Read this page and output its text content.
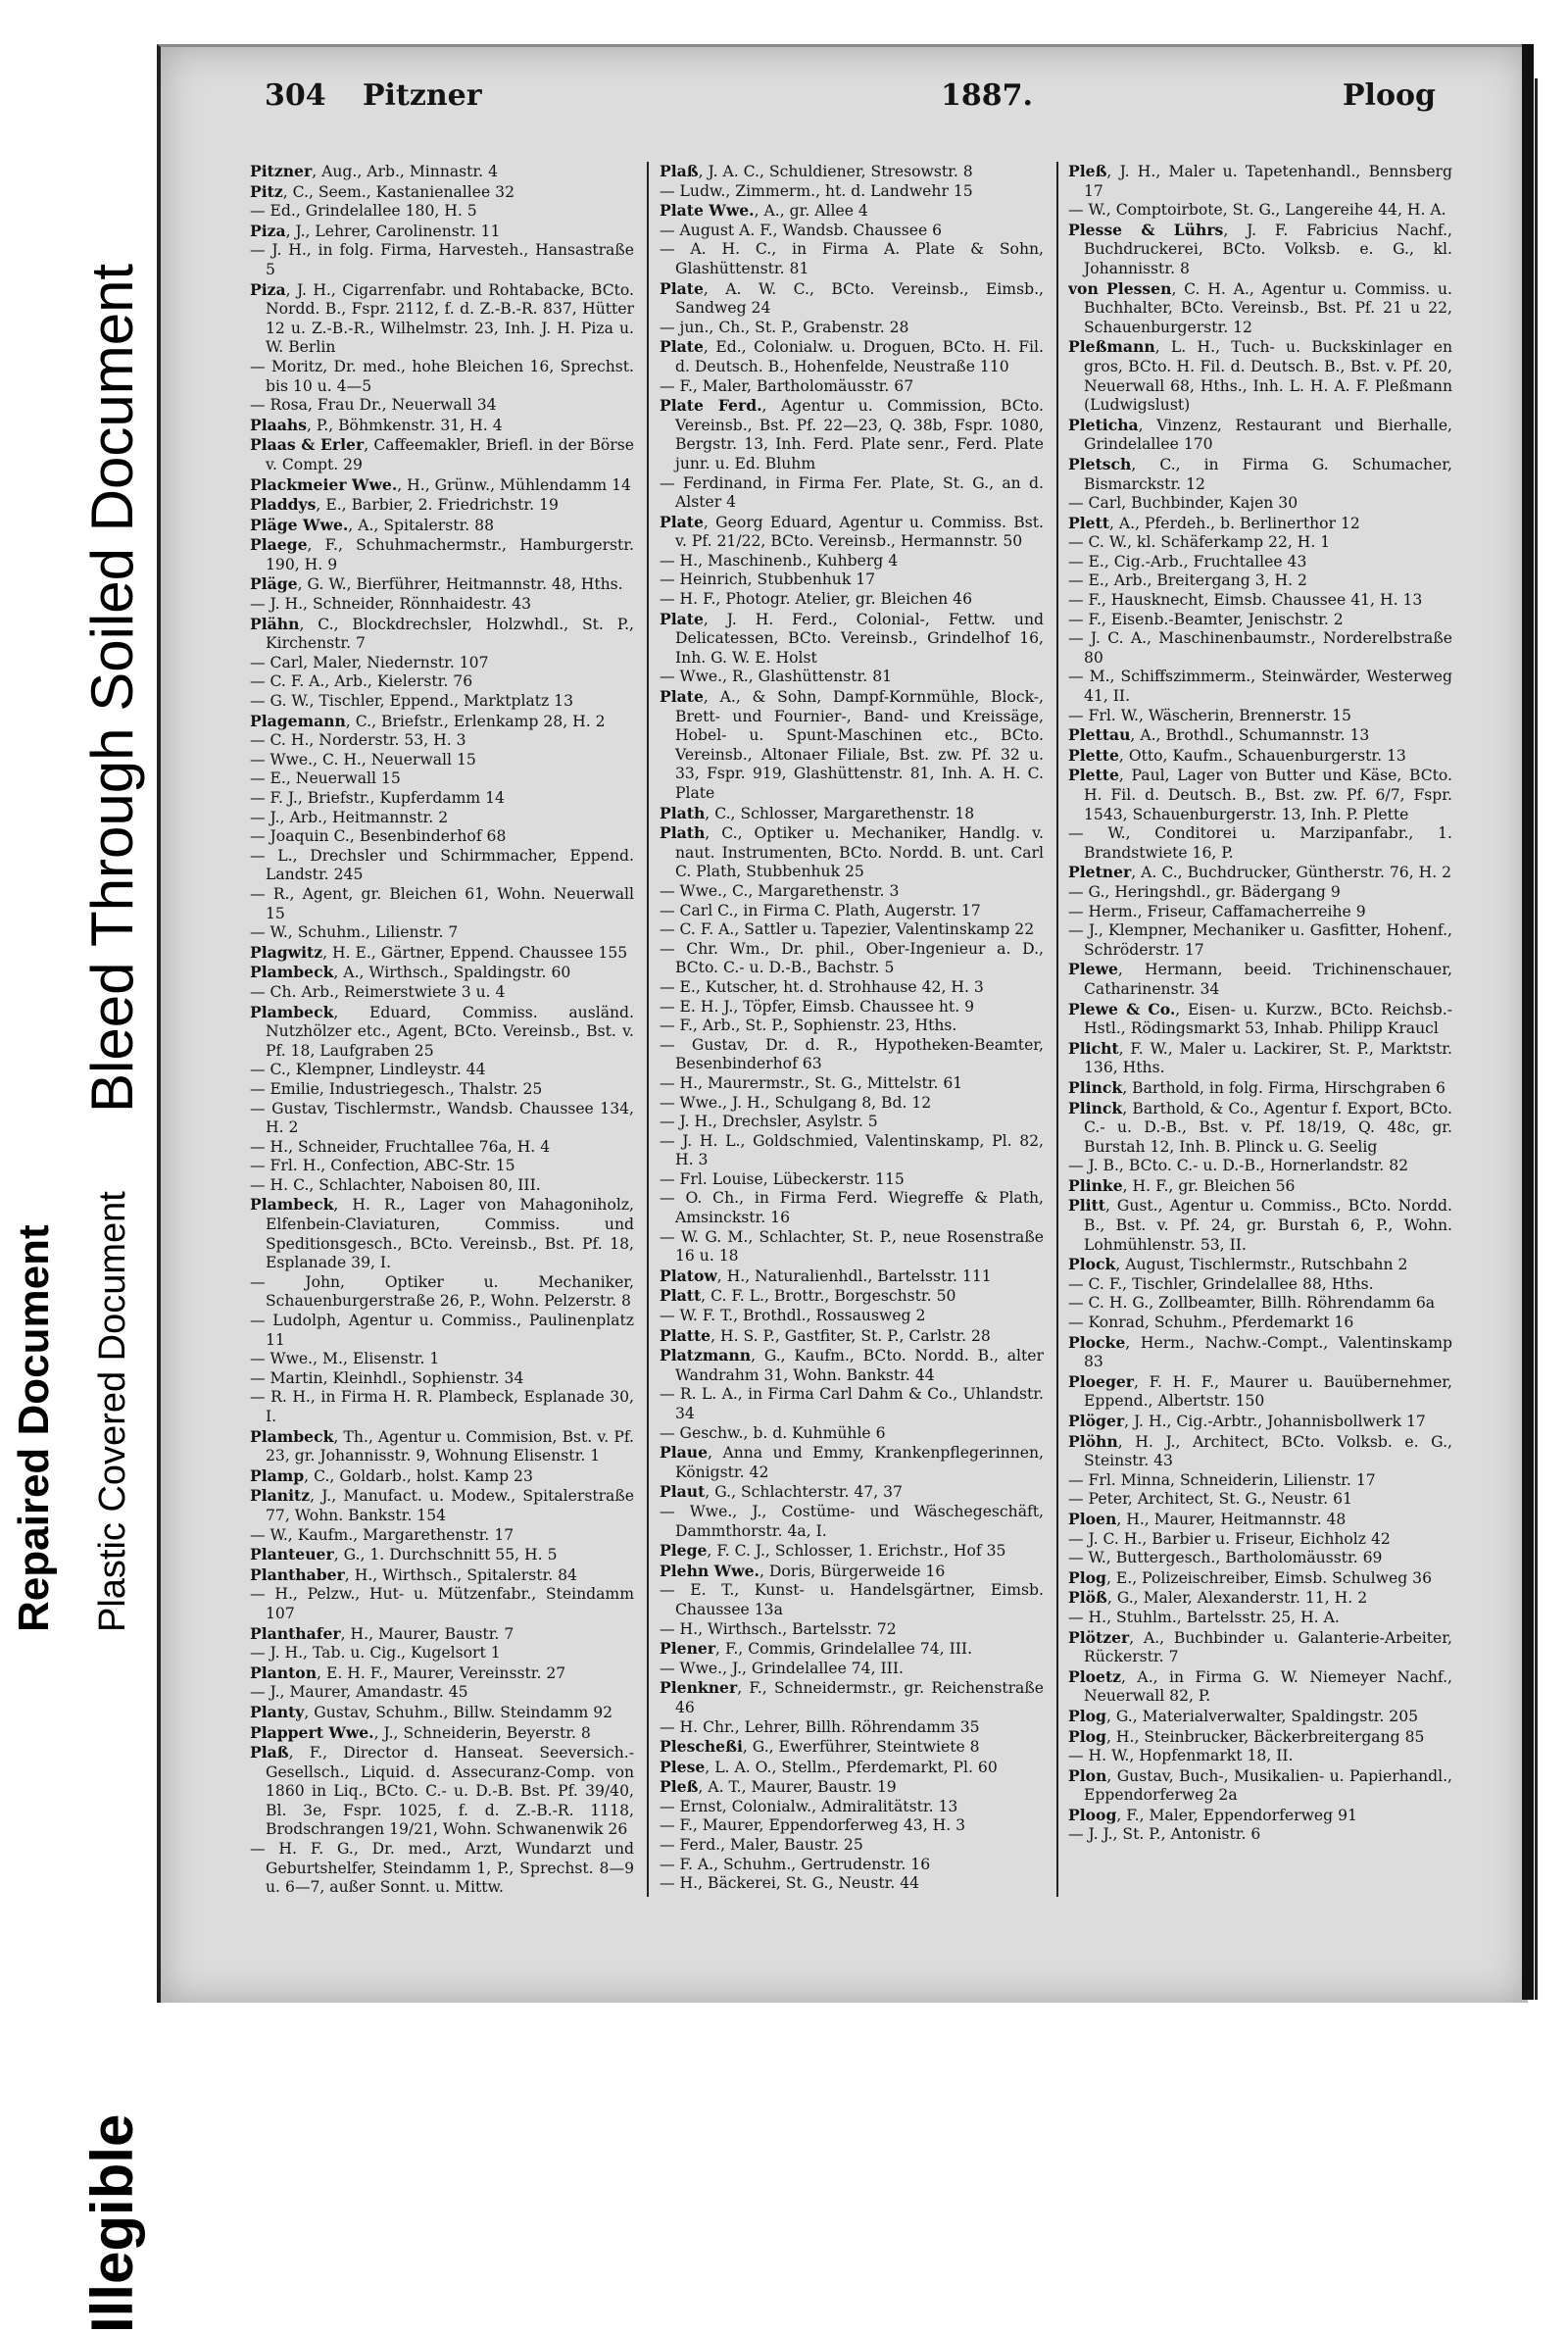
Illegible
Repaired Document Plastic Covered Document
Bleed Through Soiled Document
304 Pitzner	1887.	Ploog

Pitzner, Aug., Arb., Minnastr. 4

Pitz, C., Seem., Kastanienallee 32

— Ed., Grindelallee 180, H. 5

Piza, J., Lehrer, Carolinenstr. 11

— J. H., in folg. Firma, Harvestеh., Hansastraße 5

Piza, J. H., Cigarrenfabr. und Rohtabacke, BCto. Nordd. B., Fspr. 2112, f. d. Z.-B.-R. 837, Hütter 12 u. Z.-B.-R., Wilhelmstr. 23, Inh. J. H. Piza u. W. Berlin

— Moritz, Dr. med., hohe Bleichen 16, Sprechst. bis 10 u. 4—5

— Rosa, Frau Dr., Neuerwall 34

Plaahs, P., Böhmkenstr. 31, H. 4

Plaas & Erler, Caffeemakler, Briefl. in der Börse v. Compt. 29

Plackmeier Wwe., H., Grünw., Mühlendamm 14

Pladdys, E., Barbier, 2. Friedrichstr. 19

Pläge Wwe., A., Spitalerstr. 88

Plaege, F., Schuhmachermstr., Hamburgerstr. 190, H. 9

Pläge, G. W., Bierführer, Heitmannstr. 48, Hths.

— J. H., Schneider, Rönnhaidestr. 43

Plähn, C., Blockdrechsler, Holzwhdl., St. P., Kirchenstr. 7

— Carl, Maler, Niedernstr. 107

— C. F. A., Arb., Kielerstr. 76

— G. W., Tischler, Eppend., Marktplatz 13

Plagemann, C., Briefstr., Erlenkamp 28, H. 2

— C. H., Norderstr. 53, H. 3

— Wwe., C. H., Neuerwall 15

— E., Neuerwall 15

— F. J., Briefstr., Kupferdamm 14

— J., Arb., Heitmannstr. 2

— Joaquin C., Besenbinderhof 68

— L., Drechsler und Schirmmacher, Eppend. Landstr. 245

— R., Agent, gr. Bleichen 61, Wohn. Neuerwall 15

— W., Schuhm., Lilienstr. 7

Plagwitz, H. E., Gärtner, Eppend. Chaussee 155

Plambeck, A., Wirthsch., Spaldingstr. 60

— Ch. Arb., Reimerstwiete 3 u. 4

Plambeck, Eduard, Commiss. ausländ. Nutzhölzer etc., Agent, BCto. Vereinsb., Bst. v. Pf. 18, Laufgraben 25

— C., Klempner, Lindleystr. 44

— Emilie, Industriegesch., Thalstr. 25

— Gustav, Tischlermstr., Wandsb. Chaussee 134, H. 2

— H., Schneider, Fruchtallee 76a, H. 4

— Frl. H., Confection, ABC-Str. 15

— H. C., Schlachter, Naboisen 80, III.

Plambeck, H. R., Lager von Mahagoniholz, Elfenbein-Claviaturen, Commiss. und Speditionsgesch., BCto. Vereinsb., Bst. Pf. 18, Esplanade 39, I.

— John, Optiker u. Mechaniker, Schauenburgerstraße 26, P., Wohn. Pelzerstr. 8

— Ludolph, Agentur u. Commiss., Paulinenplatz 11

— Wwe., M., Elisenstr. 1

— Martin, Kleinhdl., Sophienstr. 34

— R. H., in Firma H. R. Plambeck, Esplanade 30, I.

Plambeck, Th., Agentur u. Commision, Bst. v. Pf. 23, gr. Johannisstr. 9, Wohnung Elisenstr. 1

Plamp, C., Goldarb., holst. Kamp 23

Planitz, J., Manufact. u. Modew., Spitalerstraße 77, Wohn. Bankstr. 154

— W., Kaufm., Margarethenstr. 17

Planteuer, G., 1. Durchschnitt 55, H. 5

Planthaber, H., Wirthsch., Spitalerstr. 84

— H., Pelzw., Hut- u. Mützenfabr., Steindamm 107

Planthafer, H., Maurer, Baustr. 7

— J. H., Tab. u. Cig., Kugelsort 1

Planton, E. H. F., Maurer, Vereinsstr. 27

— J., Maurer, Amandastr. 45

Planty, Gustav, Schuhm., Billw. Steindamm 92

Plappert Wwe., J., Schneiderin, Beyerstr. 8

Plaß, F., Director d. Hanseat. Seeversich.-Gesellsch., Liquid. d. Assecuranz-Comp. von 1860 in Liq., BCto. C.- u. D.-B. Bst. Pf. 39/40, Bl. 3e, Fspr. 1025, f. d. Z.-B.-R. 1118, Brodschrangen 19/21, Wohn. Schwanenwik 26

— H. F. G., Dr. med., Arzt, Wundarzt und Geburtshelfer, Steindamm 1, P., Sprechst. 8—9 u. 6—7, außer Sonnt. u. Mittw.

Plaß, J. A. C., Schuldiener, Stresowstr. 8

— Ludw., Zimmerm., ht. d. Landwehr 15

Plate Wwe., A., gr. Allee 4

— August A. F., Wandsb. Chaussee 6

— A. H. C., in Firma A. Plate & Sohn, Glashüttenstr. 81

Plate, A. W. C., BCto. Vereinsb., Eimsb., Sandweg 24

— jun., Ch., St. P., Grabenstr. 28

Plate, Ed., Colonialw. u. Droguen, BCto. H. Fil. d. Deutsch. B., Hohenfelde, Neustraße 110

— F., Maler, Bartholomäusstr. 67

Plate Ferd., Agentur u. Commission, BCto. Vereinsb., Bst. Pf. 22—23, Q. 38b, Fspr. 1080, Bergstr. 13, Inh. Ferd. Plate senr., Ferd. Plate junr. u. Ed. Bluhm

— Ferdinand, in Firma Fer. Plate, St. G., an d. Alster 4

Plate, Georg Eduard, Agentur u. Commiss. Bst. v. Pf. 21/22, BCto. Vereinsb., Hermannstr. 50

— H., Maschinenb., Kuhberg 4

— Heinrich, Stubbenhuk 17

— H. F., Photogr. Atelier, gr. Bleichen 46

Plate, J. H. Ferd., Colonial-, Fettw. und Delicatessen, BCto. Vereinsb., Grindelhof 16, Inh. G. W. E. Holst

— Wwe., R., Glashüttenstr. 81

Plate, A., & Sohn, Dampf-Kornmühle, Block-, Brett- und Fournier-, Band- und Kreissäge, Hobel- u. Spunt-Maschinen etc., BCto. Vereinsb., Altonaer Filiale, Bst. zw. Pf. 32 u. 33, Fspr. 919, Glashüttenstr. 81, Inh. A. H. C. Plate

Plath, C., Schlosser, Margarethenstr. 18

Plath, C., Optiker u. Mechaniker, Handlg. v. naut. Instrumenten, BCto. Nordd. B. unt. Carl C. Plath, Stubbenhuk 25

— Wwe., C., Margarethenstr. 3

— Carl C., in Firma C. Plath, Augerstr. 17

— C. F. A., Sattler u. Tapezier, Valentinskamp 22

— Chr. Wm., Dr. phil., Ober-Ingenieur a. D., BCto. C.- u. D.-B., Bachstr. 5

— E., Kutscher, ht. d. Strohhause 42, H. 3

— E. H. J., Töpfer, Eimsb. Chaussee ht. 9

— F., Arb., St. P., Sophienstr. 23, Hths.

— Gustav, Dr. d. R., Hypotheken-Beamter, Besenbinderhof 63

— H., Maurermstr., St. G., Mittelstr. 61

— Wwe., J. H., Schulgang 8, Bd. 12

— J. H., Drechsler, Asylstr. 5

— J. H. L., Goldschmied, Valentinskamp, Pl. 82, H. 3

— Frl. Louise, Lübeckerstr. 115

— O. Ch., in Firma Ferd. Wiegreffe & Plath, Amsinckstr. 16

— W. G. M., Schlachter, St. P., neue Rosenstraße 16 u. 18

Platow, H., Naturalienhdl., Bartelsstr. 111

Platt, C. F. L., Brottr., Borgeschstr. 50

— W. F. T., Brothdl., Rossausweg 2

Platte, H. S. P., Gastfiter, St. P., Carlstr. 28

Platzmann, G., Kaufm., BCto. Nordd. B., alter Wandrahm 31, Wohn. Bankstr. 44

— R. L. A., in Firma Carl Dahm & Co., Uhlandstr. 34

— Geschw., b. d. Kuhmühle 6

Plaue, Anna und Emmy, Krankenpflegerinnen, Königstr. 42

Plaut, G., Schlachterstr. 47, 37

— Wwe., J., Costüme- und Wäschegeschäft, Dammthorstr. 4a, I.

Plege, F. C. J., Schlosser, 1. Erichstr., Hof 35

Plehn Wwe., Doris, Bürgerweide 16

— E. T., Kunst- u. Handelsgärtner, Eimsb. Chaussee 13a

— H., Wirthsch., Bartelsstr. 72

Plener, F., Commis, Grindelallee 74, III.

— Wwe., J., Grindelallee 74, III.

Plenkner, F., Schneidermstr., gr. Reichenstraße 46

— H. Chr., Lehrer, Billh. Röhrendamm 35

Plescheßi, G., Ewerführer, Steintwiete 8

Plese, L. A. O., Stellm., Pferdemarkt, Pl. 60

Pleß, A. T., Maurer, Baustr. 19

— Ernst, Colonialw., Admiralitätstr. 13

— F., Maurer, Eppendorferweg 43, H. 3

— Ferd., Maler, Baustr. 25

— F. A., Schuhm., Gertrudenstr. 16

— H., Bäckerei, St. G., Neustr. 44

Pleß, J. H., Maler u. Tapetenhandl., Bennsberg 17

— W., Comptoirbote, St. G., Langereihe 44, H. A.

Plesse & Lührs, J. F. Fabricius Nachf., Buchdruckerei, BCto. Volksb. e. G., kl. Johannisstr. 8

von Plessen, C. H. A., Agentur u. Commiss. u. Buchhalter, BCto. Vereinsb., Bst. Pf. 21 u 22, Schauenburgerstr. 12

Pleßmann, L. H., Tuch- u. Buckskinlager en gros, BCto. H. Fil. d. Deutsch. B., Bst. v. Pf. 20, Neuerwall 68, Hths., Inh. L. H. A. F. Pleßmann (Ludwigslust)

Pleticha, Vinzenz, Restaurant und Bierhalle, Grindelallee 170

Pletsch, C., in Firma G. Schumacher, Bismarckstr. 12

— Carl, Buchbinder, Kajen 30

Plett, A., Pferdeh., b. Berlinerthor 12

— C. W., kl. Schäferkamp 22, H. 1

— E., Cig.-Arb., Fruchtallee 43

— E., Arb., Breitergang 3, H. 2

— F., Hausknecht, Eimsb. Chaussee 41, H. 13

— F., Eisenb.-Beamter, Jenischstr. 2

— J. C. A., Maschinenbaumstr., Norderelbstraße 80

— M., Schiffszimmerm., Steinwärder, Westerweg 41, II.

— Frl. W., Wäscherin, Brennerstr. 15

Plettau, A., Brothdl., Schumannstr. 13

Plette, Otto, Kaufm., Schauenburgerstr. 13

Plette, Paul, Lager von Butter und Käse, BCto. H. Fil. d. Deutsch. B., Bst. zw. Pf. 6/7, Fspr. 1543, Schauenburgerstr. 13, Inh. P. Plette

— W., Conditorei u. Marzipanfabr., 1. Brandstwiete 16, P.

Pletner, A. C., Buchdrucker, Güntherstr. 76, H. 2

— G., Heringshdl., gr. Bädergang 9

— Herm., Friseur, Caffamacherreihe 9

— J., Klempner, Mechaniker u. Gasfitter, Hohenf., Schröderstr. 17

Plewe, Hermann, beeid. Trichinenschauer, Catharinenstr. 34

Plewe & Co., Eisen- u. Kurzw., BCto. Reichsb.-Hstl., Rödingsmarkt 53, Inhab. Philipp Kraucl

Plicht, F. W., Maler u. Lackirer, St. P., Marktstr. 136, Hths.

Plinck, Barthold, in folg. Firma, Hirschgraben 6

Plinck, Barthold, & Co., Agentur f. Export, BCto. C.- u. D.-B., Bst. v. Pf. 18/19, Q. 48c, gr. Burstah 12, Inh. B. Plinck u. G. Seelig

— J. B., BCto. C.- u. D.-B., Hornerlandstr. 82

Plinke, H. F., gr. Bleichen 56

Plitt, Gust., Agentur u. Commiss., BCto. Nordd. B., Bst. v. Pf. 24, gr. Burstah 6, P., Wohn. Lohmühlenstr. 53, II.

Plock, August, Tischlermstr., Rutschbahn 2

— C. F., Tischler, Grindelallee 88, Hths.

— C. H. G., Zollbeamter, Billh. Röhrendamm 6a

— Konrad, Schuhm., Pferdemarkt 16

Plocke, Herm., Nachw.-Compt., Valentinskamp 83

Ploeger, F. H. F., Maurer u. Bauübernehmer, Eppend., Albertstr. 150

Plöger, J. H., Cig.-Arbtr., Johannisbollwerk 17

Plöhn, H. J., Architect, BCto. Volksb. e. G., Steinstr. 43

— Frl. Minna, Schneiderin, Lilienstr. 17

— Peter, Architect, St. G., Neustr. 61

Ploen, H., Maurer, Heitmannstr. 48

— J. C. H., Barbier u. Friseur, Eichholz 42

— W., Buttergesch., Bartholomäusstr. 69

Plog, E., Polizeischreiber, Eimsb. Schulweg 36

Plöß, G., Maler, Alexanderstr. 11, H. 2

— H., Stuhlm., Bartelsstr. 25, H. A.

Plötzer, A., Buchbinder u. Galanterie-Arbeiter, Rückerstr. 7

Ploetz, A., in Firma G. W. Niemeyer Nachf., Neuerwall 82, P.

Plog, G., Materialverwalter, Spaldingstr. 205

Plog, H., Steinbrucker, Bäckerbreitergang 85

— H. W., Hopfenmarkt 18, II.

Plon, Gustav, Buch-, Musikalien- u. Papierhandl., Eppendorferweg 2a

Ploog, F., Maler, Eppendorferweg 91

— J. J., St. P., Antonistr. 6
